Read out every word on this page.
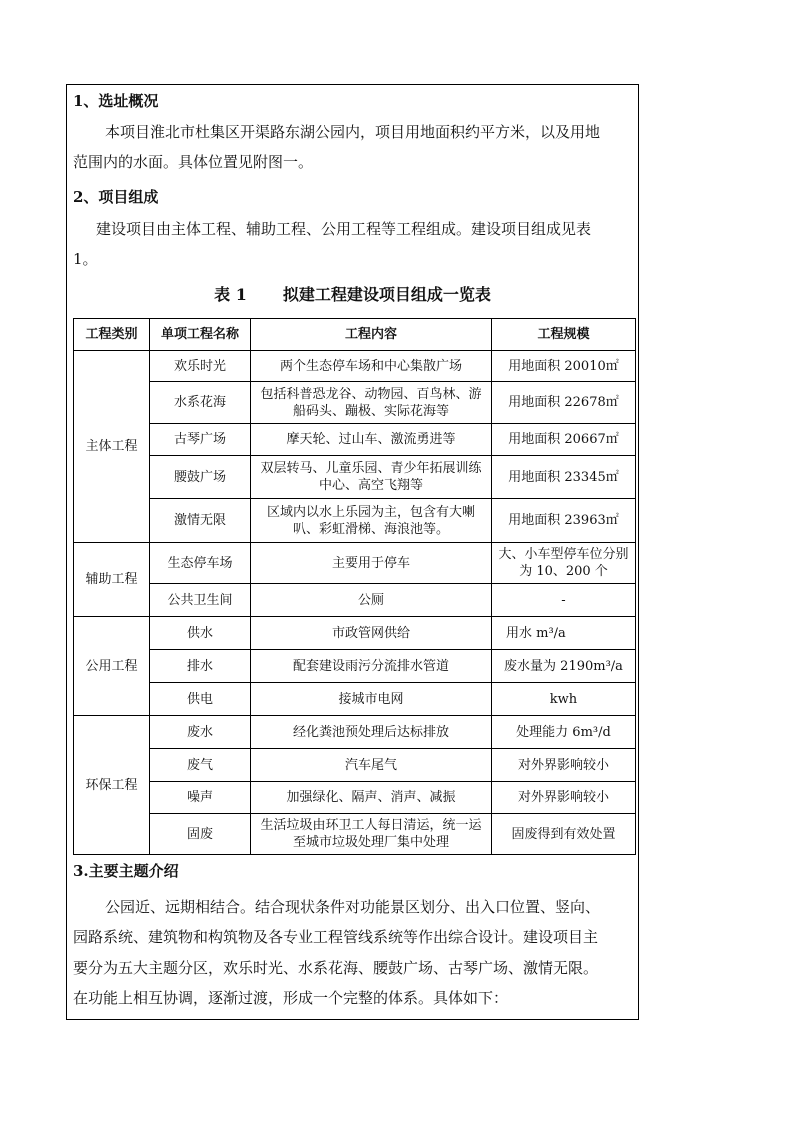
1、选址概况
本项目淮北市杜集区开渠路东湖公园内，项目用地面积约平方米，以及用地
范围内的水面。具体位置见附图一。
2、项目组成
建设项目由主体工程、辅助工程、公用工程等工程组成。建设项目组成见表
1。
表 1 拟建工程建设项目组成一览表
工程类别	单项工程名称	工程内容	工程规模
主体工程	欢乐时光	两个生态停车场和中心集散广场	用地面积 20010㎡
	水系花海	包括科普恐龙谷、动物园、百鸟林、游船码头、蹦极、实际花海等	用地面积 22678㎡
	古琴广场	摩天轮、过山车、激流勇进等	用地面积 20667㎡
	腰鼓广场	双层转马、儿童乐园、青少年拓展训练中心、高空飞翔等	用地面积 23345㎡
	激情无限	区域内以水上乐园为主，包含有大喇叭、彩虹滑梯、海浪池等。	用地面积 23963㎡
辅助工程	生态停车场	主要用于停车	大、小车型停车位分别为 10、200 个
	公共卫生间	公厕	-
公用工程	供水	市政管网供给	用水 m³/a
	排水	配套建设雨污分流排水管道	废水量为 2190m³/a
	供电	接城市电网	kwh
环保工程	废水	经化粪池预处理后达标排放	处理能力 6m³/d
	废气	汽车尾气	对外界影响较小
	噪声	加强绿化、隔声、消声、减振	对外界影响较小
	固废	生活垃圾由环卫工人每日清运，统一运至城市垃圾处理厂集中处理	固废得到有效处置
3.主要主题介绍
公园近、远期相结合。结合现状条件对功能景区划分、出入口位置、竖向、
园路系统、建筑物和构筑物及各专业工程管线系统等作出综合设计。建设项目主
要分为五大主题分区，欢乐时光、水系花海、腰鼓广场、古琴广场、激情无限。
在功能上相互协调，逐渐过渡，形成一个完整的体系。具体如下：
